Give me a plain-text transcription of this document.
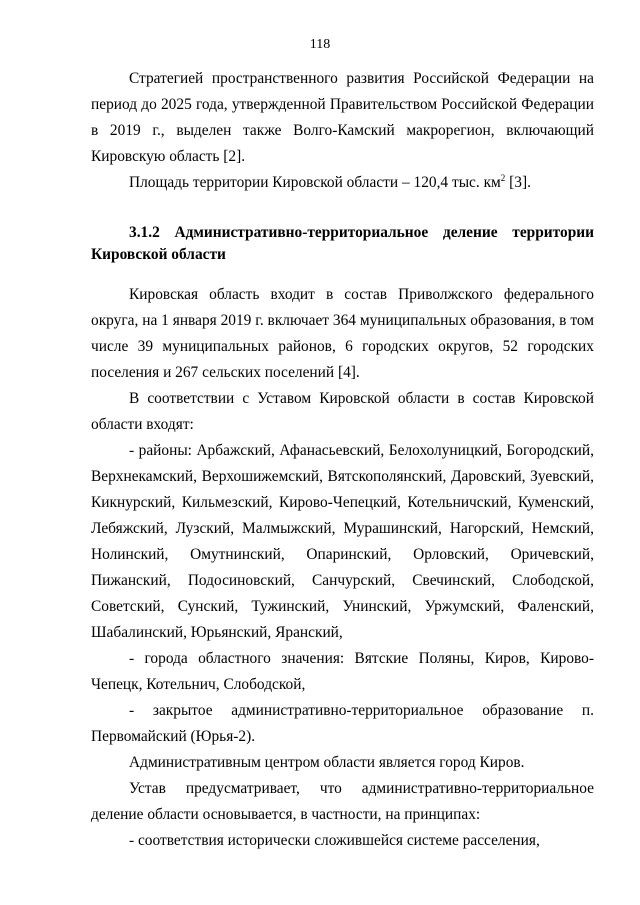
118

Стратегией пространственного развития Российской Федерации на период до 2025 года, утвержденной Правительством Российской Федерации в 2019 г., выделен также Волго-Камский макрорегион, включающий Кировскую область [2].

Площадь территории Кировской области – 120,4 тыс. $км^2$ [3].

3.1.2 Административно-территориальное деление территории Кировской области

Кировская область входит в состав Приволжского федерального округа, на 1 января 2019 г. включает 364 муниципальных образования, в том числе 39 муниципальных районов, 6 городских округов, 52 городских поселения и 267 сельских поселений [4].

В соответствии с Уставом Кировской области в состав Кировской области входят:

- районы: Арбажский, Афанасьевский, Белохолуницкий, Богородский, Верхнекамский, Верхошижемский, Вятскополянский, Даровский, Зуевский, Кикнурский, Кильмезский, Кирово-Чепецкий, Котельничский, Куменский, Лебяжский, Лузский, Малмыжский, Мурашинский, Нагорский, Немский, Нолинский, Омутнинский, Опаринский, Орловский, Оричевский, Пижанский, Подосиновский, Санчурский, Свечинский, Слободской, Советский, Сунский, Тужинский, Унинский, Уржумский, Фаленский, Шабалинский, Юрьянский, Яранский,

- города областного значения: Вятские Поляны, Киров, Кирово-Чепецк, Котельнич, Слободской,

- закрытое административно-территориальное образование п. Первомайский (Юрья-2).

Административным центром области является город Киров.

Устав предусматривает, что административно-территориальное деление области основывается, в частности, на принципах:

- соответствия исторически сложившейся системе расселения,
